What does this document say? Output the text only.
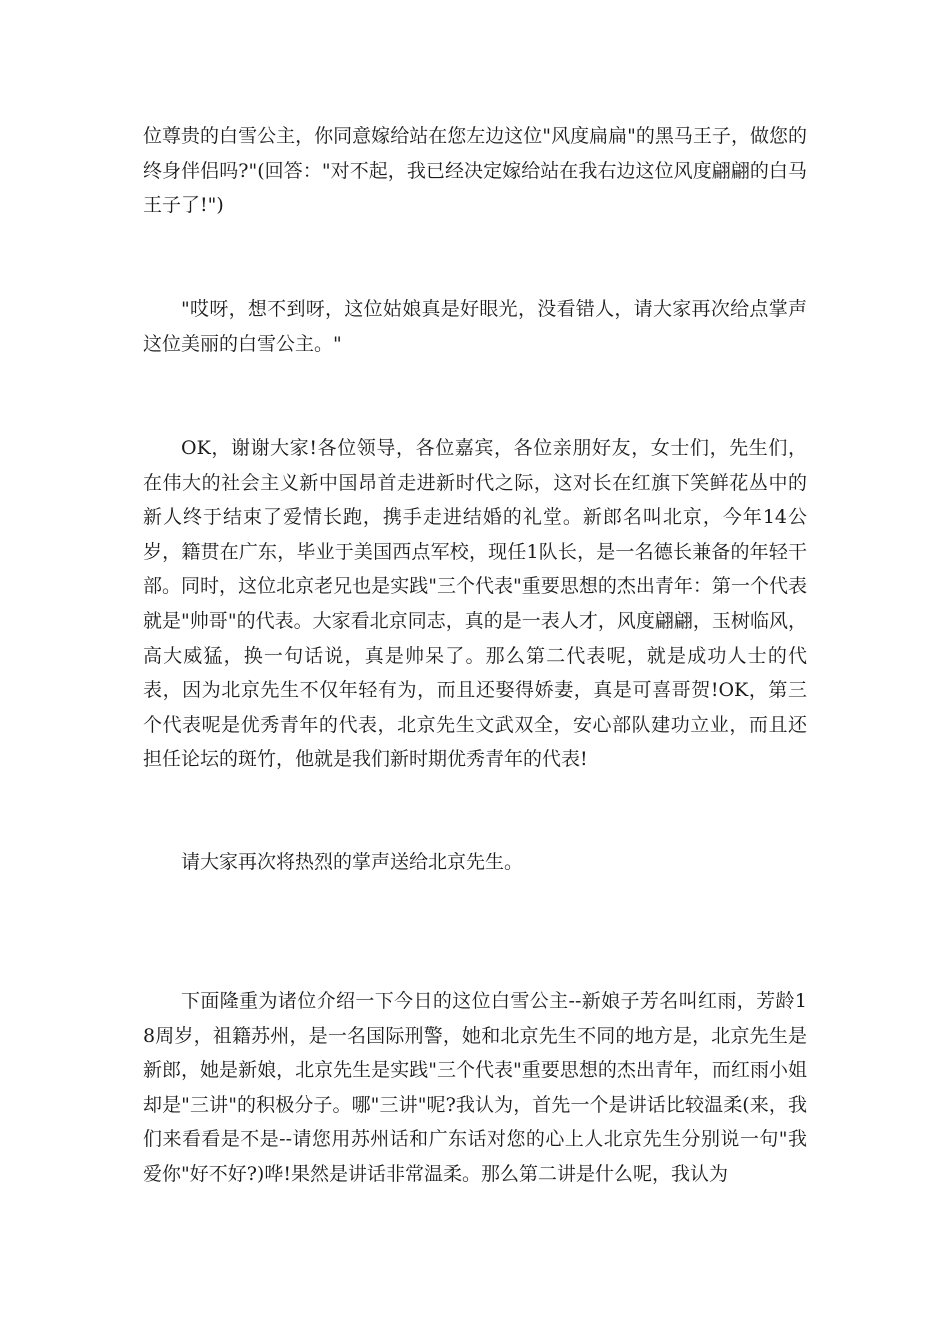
位尊贵的白雪公主，你同意嫁给站在您左边这位"风度扁扁"的黑马王子，做您的终身伴侣吗?"(回答："对不起，我已经决定嫁给站在我右边这位风度翩翩的白马王子了!")

"哎呀，想不到呀，这位姑娘真是好眼光，没看错人，请大家再次给点掌声这位美丽的白雪公主。"

OK，谢谢大家!各位领导，各位嘉宾，各位亲朋好友，女士们，先生们，在伟大的社会主义新中国昂首走进新时代之际，这对长在红旗下笑鲜花丛中的新人终于结束了爱情长跑，携手走进结婚的礼堂。新郎名叫北京，今年14公岁，籍贯在广东，毕业于美国西点军校，现任1队长，是一名德长兼备的年轻干部。同时，这位北京老兄也是实践"三个代表"重要思想的杰出青年：第一个代表就是"帅哥"的代表。大家看北京同志，真的是一表人才，风度翩翩，玉树临风，高大威猛，换一句话说，真是帅呆了。那么第二代表呢，就是成功人士的代表，因为北京先生不仅年轻有为，而且还娶得娇妻，真是可喜哥贺!OK，第三个代表呢是优秀青年的代表，北京先生文武双全，安心部队建功立业，而且还担任论坛的斑竹，他就是我们新时期优秀青年的代表!

请大家再次将热烈的掌声送给北京先生。

下面隆重为诸位介绍一下今日的这位白雪公主--新娘子芳名叫红雨，芳龄18周岁，祖籍苏州，是一名国际刑警，她和北京先生不同的地方是，北京先生是新郎，她是新娘，北京先生是实践"三个代表"重要思想的杰出青年，而红雨小姐却是"三讲"的积极分子。哪"三讲"呢?我认为，首先一个是讲话比较温柔(来，我们来看看是不是--请您用苏州话和广东话对您的心上人北京先生分别说一句"我爱你"好不好?)哗!果然是讲话非常温柔。那么第二讲是什么呢，我认为
